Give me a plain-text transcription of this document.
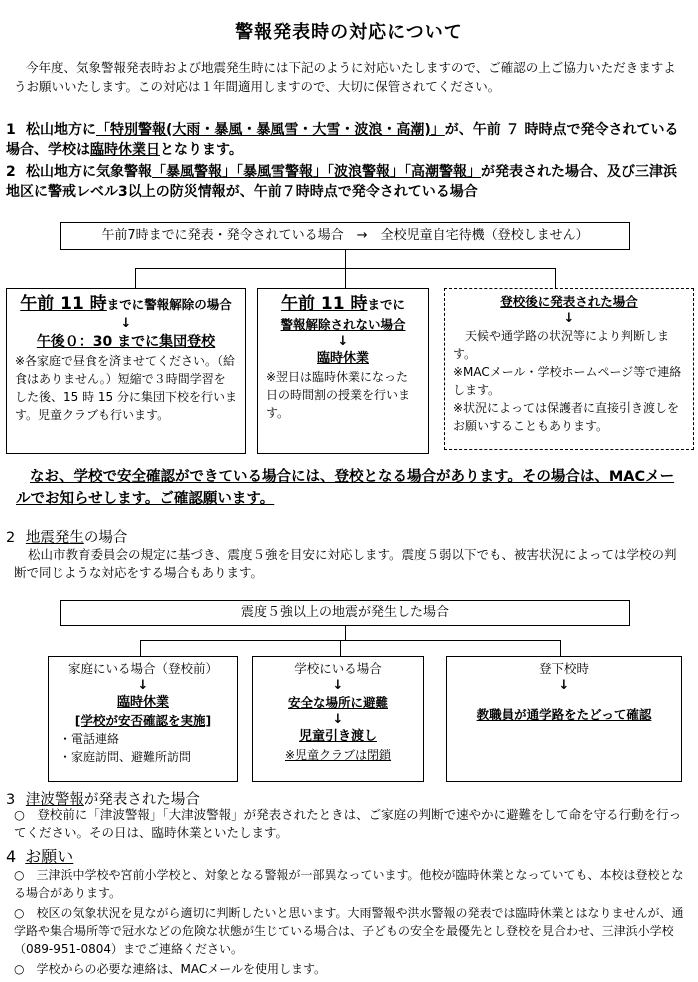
警報発表時の対応について
今年度、気象警報発表時および地震発生時には下記のように対応いたしますので、ご確認の上ご協力いただきますようお願いいたします。この対応は１年間適用しますので、大切に保管されてください。
1 松山地方に「特別警報(大雨・暴風・暴風雪・大雪・波浪・高潮)」が、午前 ７ 時時点で発令されている場合、学校は臨時休業日となります。
2 松山地方に気象警報「暴風警報」「暴風雪警報」「波浪警報」「高潮警報」が発表された場合、及び三津浜地区に警戒レベル3以上の防災情報が、午前７時時点で発令されている場合
午前7時までに発表・発令されている場合　→　全校児童自宅待機（登校しません）
午前 11 時までに警報解除の場合
↓
午後０：30 までに集団登校
※各家庭で昼食を済ませてください。（給食はありません。）短縮で３時間学習をした後、15 時 15 分に集団下校を行います。児童クラブも行います。
午前 11 時までに
警報解除されない場合
↓
臨時休業
※翌日は臨時休業になった日の時間割の授業を行います。
登校後に発表された場合
↓
天候や通学路の状況等により判断します。
※MACメール・学校ホームページ等で連絡します。
※状況によっては保護者に直接引き渡しをお願いすることもあります。
なお、学校で安全確認ができている場合には、登校となる場合があります。その場合は、MACメールでお知らせします。ご確認願います。
2 地震発生の場合
松山市教育委員会の規定に基づき、震度５強を目安に対応します。震度５弱以下でも、被害状況によっては学校の判断で同じような対応をする場合もあります。
震度５強以上の地震が発生した場合
家庭にいる場合（登校前）
↓
臨時休業
[学校が安否確認を実施]
・電話連絡
・家庭訪問、避難所訪問
学校にいる場合
↓
安全な場所に避難
↓
児童引き渡し
※児童クラブは閉鎖
登下校時
↓
教職員が通学路をたどって確認
3 津波警報が発表された場合
○　登校前に「津波警報」「大津波警報」が発表されたときは、ご家庭の判断で速やかに避難をして命を守る行動を行ってください。その日は、臨時休業といたします。
4 お願い
○　三津浜中学校や宮前小学校と、対象となる警報が一部異なっています。他校が臨時休業となっていても、本校は登校となる場合があります。
○　校区の気象状況を見ながら適切に判断したいと思います。大雨警報や洪水警報の発表では臨時休業とはなりませんが、通学路や集合場所等で冠水などの危険な状態が生じている場合は、子どもの安全を最優先とし登校を見合わせ、三津浜小学校（089-951-0804）までご連絡ください。
○　学校からの必要な連絡は、MACメールを使用します。
